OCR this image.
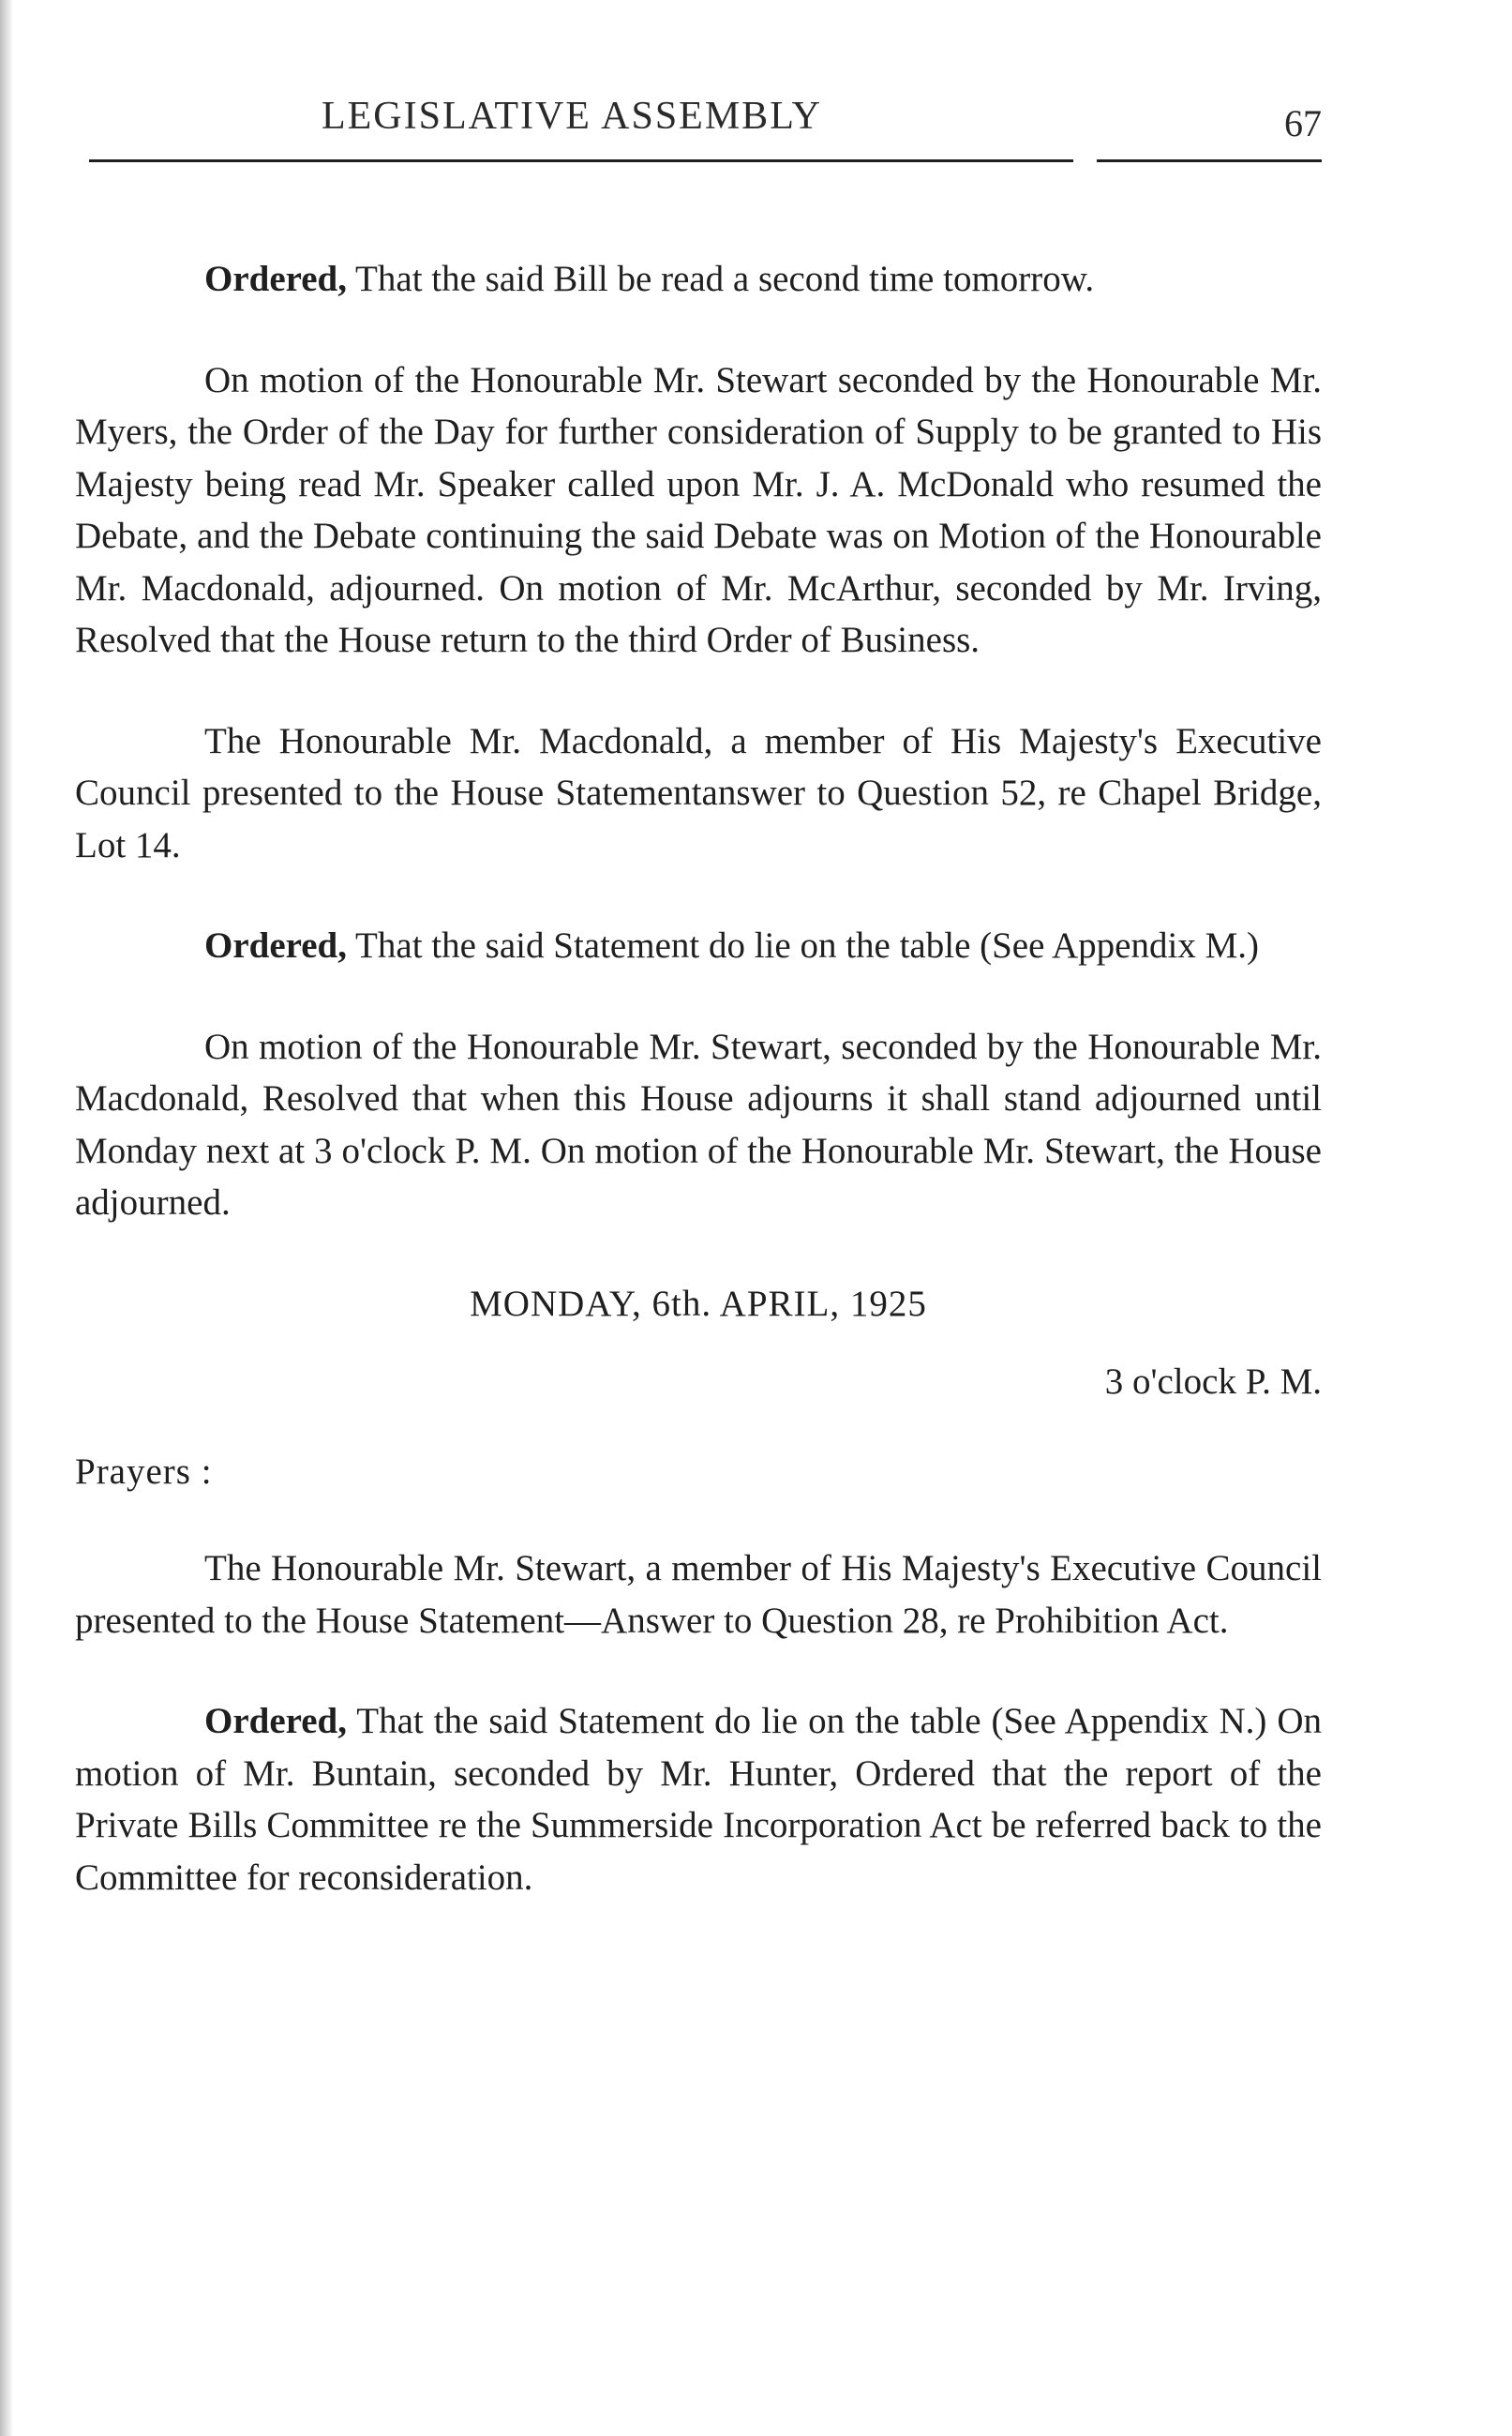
LEGISLATIVE ASSEMBLY	67

Ordered, That the said Bill be read a second time tomorrow.

On motion of the Honourable Mr. Stewart seconded by the Honourable Mr. Myers, the Order of the Day for further consideration of Supply to be granted to His Majesty being read Mr. Speaker called upon Mr. J. A. McDonald who resumed the Debate, and the Debate continuing the said Debate was on Motion of the Honourable Mr. Macdonald, adjourned. On motion of Mr. McArthur, seconded by Mr. Irving, Resolved that the House return to the third Order of Business.

The Honourable Mr. Macdonald, a member of His Majesty's Executive Council presented to the House Statementanswer to Question 52, re Chapel Bridge, Lot 14.

Ordered, That the said Statement do lie on the table (See Appendix M.)

On motion of the Honourable Mr. Stewart, seconded by the Honourable Mr. Macdonald, Resolved that when this House adjourns it shall stand adjourned until Monday next at 3 o'clock P. M. On motion of the Honourable Mr. Stewart, the House adjourned.

MONDAY, 6th. APRIL, 1925
3 o'clock P. M.
Prayers :

The Honourable Mr. Stewart, a member of His Majesty's Executive Council presented to the House Statement—Answer to Question 28, re Prohibition Act.

Ordered, That the said Statement do lie on the table (See Appendix N.) On motion of Mr. Buntain, seconded by Mr. Hunter, Ordered that the report of the Private Bills Committee re the Summerside Incorporation Act be referred back to the Committee for reconsideration.
